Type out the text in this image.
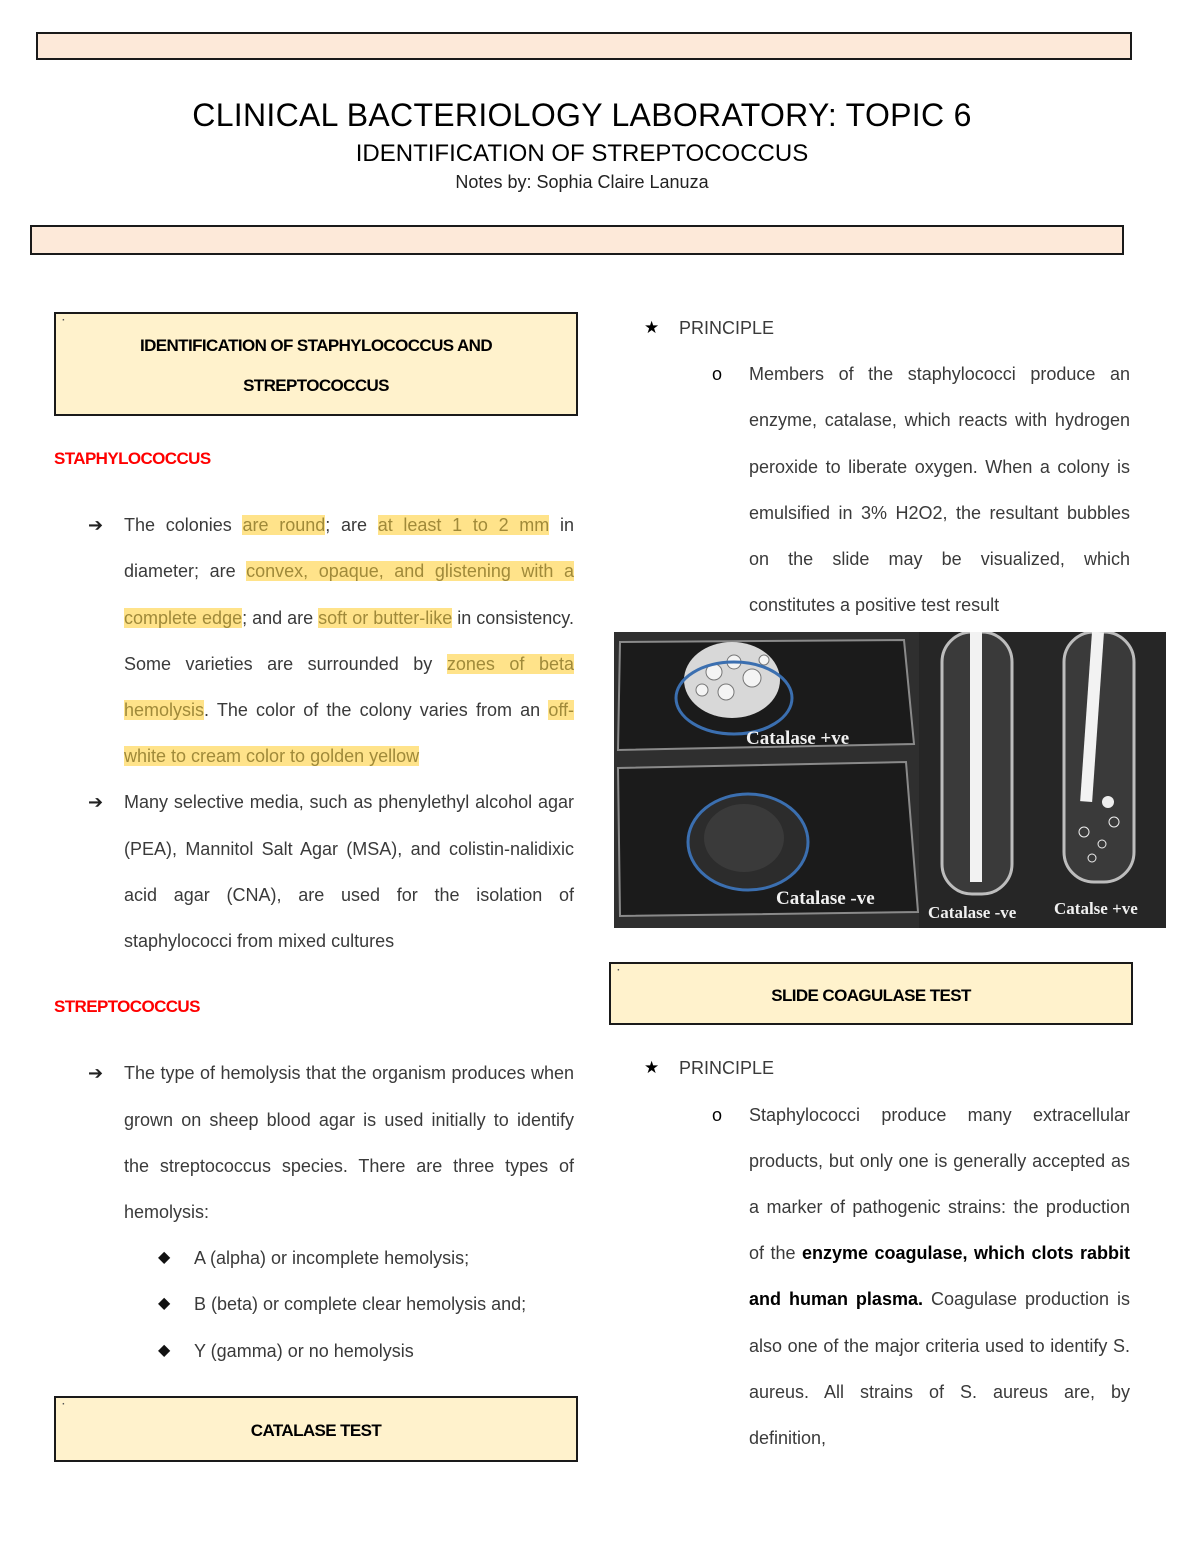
CLINICAL BACTERIOLOGY LABORATORY: TOPIC 6
IDENTIFICATION OF STREPTOCOCCUS
Notes by: Sophia Claire Lanuza
·
IDENTIFICATION OF STAPHYLOCOCCUS AND
STREPTOCOCCUS
STAPHYLOCOCCUS
➔ The colonies are round; are at least 1 to 2 mm in diameter; are convex, opaque, and glistening with a complete edge; and are soft or butter-like in consistency. Some varieties are surrounded by zones of beta hemolysis. The color of the colony varies from an off-white to cream color to golden yellow
➔ Many selective media, such as phenylethyl alcohol agar (PEA), Mannitol Salt Agar (MSA), and colistin-nalidixic acid agar (CNA), are used for the isolation of staphylococci from mixed cultures
STREPTOCOCCUS
➔ The type of hemolysis that the organism produces when grown on sheep blood agar is used initially to identify the streptococcus species. There are three types of hemolysis:
◆ A (alpha) or incomplete hemolysis;
◆ B (beta) or complete clear hemolysis and;
◆ Y (gamma) or no hemolysis
·
CATALASE TEST
★ PRINCIPLE
o Members of the staphylococci produce an enzyme, catalase, which reacts with hydrogen peroxide to liberate oxygen. When a colony is emulsified in 3% H2O2, the resultant bubbles on the slide may be visualized, which constitutes a positive test result
Catalase +ve
Catalase -ve
Catalase -ve Catalse +ve
·
SLIDE COAGULASE TEST
★ PRINCIPLE
o Staphylococci produce many extracellular products, but only one is generally accepted as a marker of pathogenic strains: the production of the enzyme coagulase, which clots rabbit and human plasma. Coagulase production is also one of the major criteria used to identify S. aureus. All strains of S. aureus are, by definition,
